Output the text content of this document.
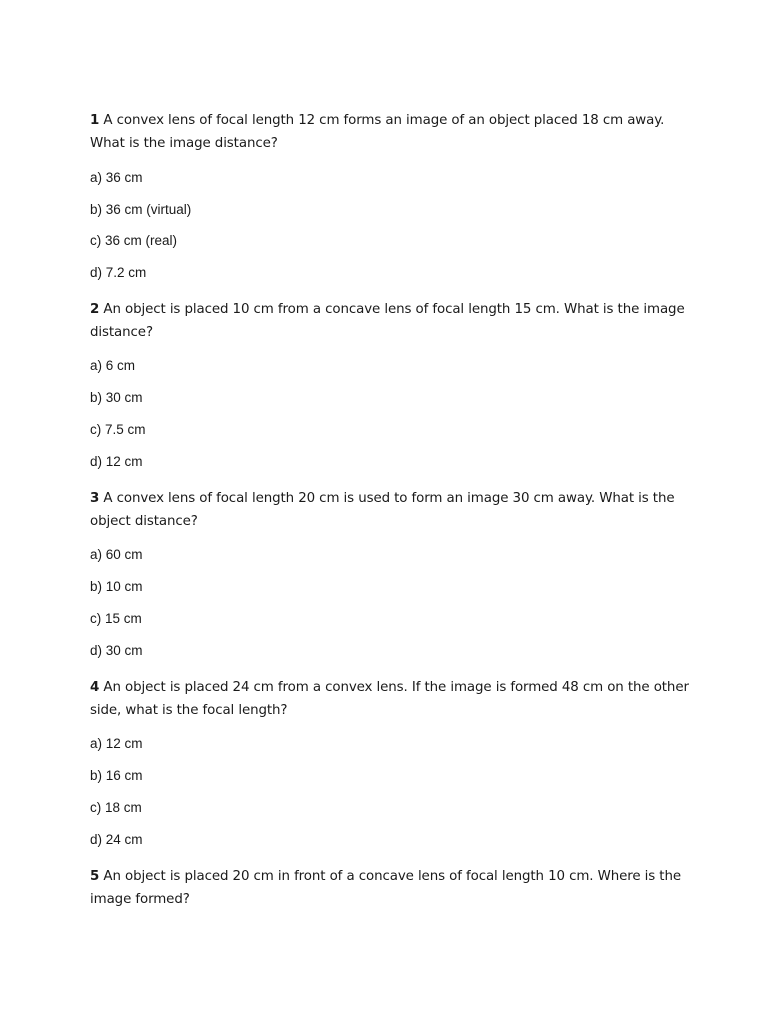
1 A convex lens of focal length 12 cm forms an image of an object placed 18 cm away. What is the image distance?

a) 36 cm

b) 36 cm (virtual)

c) 36 cm (real)

d) 7.2 cm

2 An object is placed 10 cm from a concave lens of focal length 15 cm. What is the image distance?

a) 6 cm

b) 30 cm

c) 7.5 cm

d) 12 cm

3 A convex lens of focal length 20 cm is used to form an image 30 cm away. What is the object distance?

a) 60 cm

b) 10 cm

c) 15 cm

d) 30 cm

4 An object is placed 24 cm from a convex lens. If the image is formed 48 cm on the other side, what is the focal length?

a) 12 cm

b) 16 cm

c) 18 cm

d) 24 cm

5 An object is placed 20 cm in front of a concave lens of focal length 10 cm. Where is the image formed?
